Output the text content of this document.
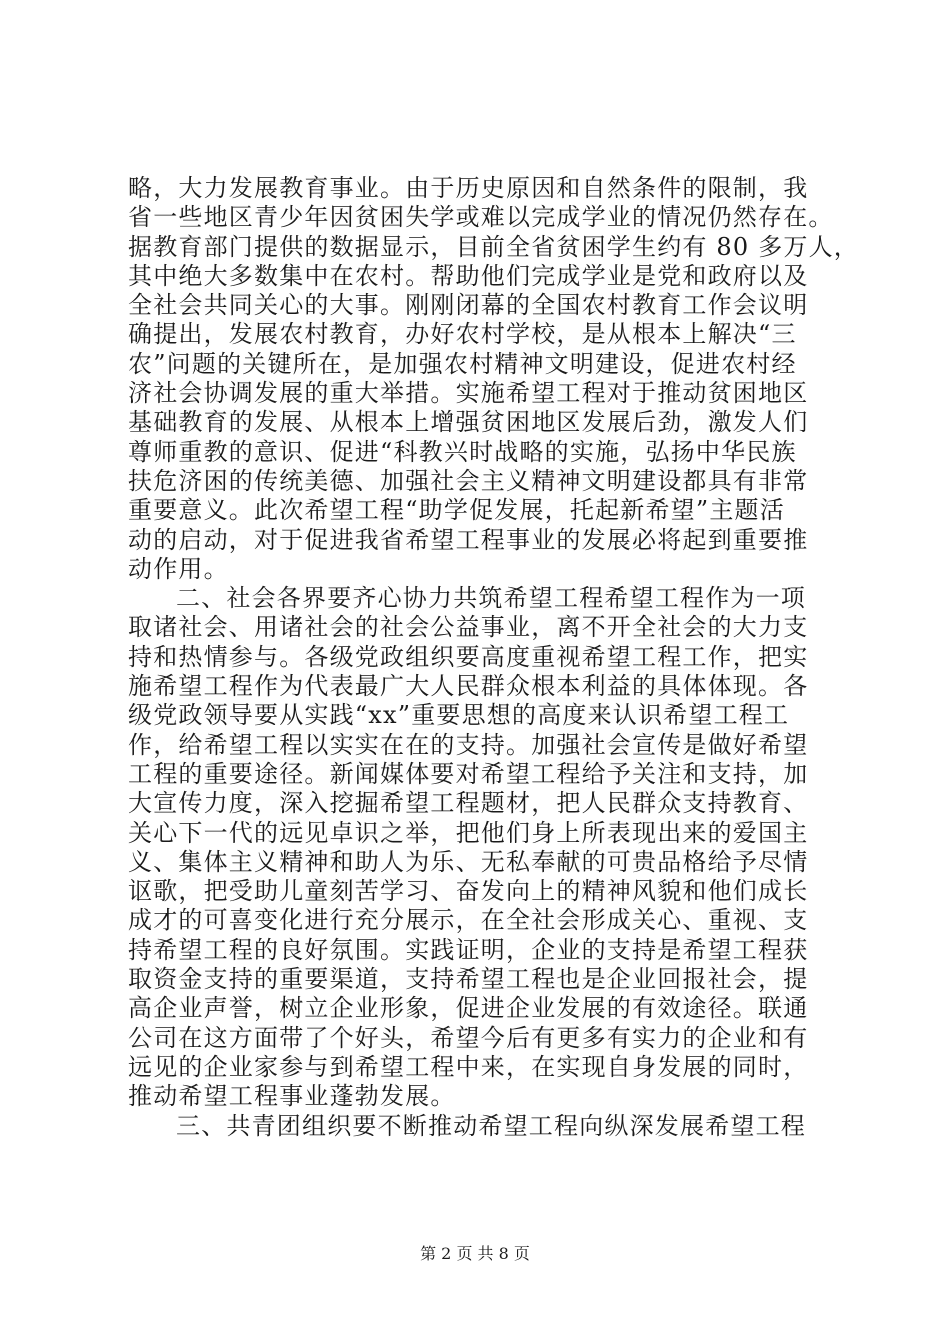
略，大力发展教育事业。由于历史原因和自然条件的限制，我
省一些地区青少年因贫困失学或难以完成学业的情况仍然存在。
据教育部门提供的数据显示，目前全省贫困学生约有 80 多万人，
其中绝大多数集中在农村。帮助他们完成学业是党和政府以及
全社会共同关心的大事。刚刚闭幕的全国农村教育工作会议明
确提出，发展农村教育，办好农村学校，是从根本上解决“三
农”问题的关键所在，是加强农村精神文明建设，促进农村经
济社会协调发展的重大举措。实施希望工程对于推动贫困地区
基础教育的发展、从根本上增强贫困地区发展后劲，激发人们
尊师重教的意识、促进“科教兴时战略的实施，弘扬中华民族
扶危济困的传统美德、加强社会主义精神文明建设都具有非常
重要意义。此次希望工程“助学促发展，托起新希望”主题活
动的启动，对于促进我省希望工程事业的发展必将起到重要推
动作用。
二、社会各界要齐心协力共筑希望工程希望工程作为一项
取诸社会、用诸社会的社会公益事业，离不开全社会的大力支
持和热情参与。各级党政组织要高度重视希望工程工作，把实
施希望工程作为代表最广大人民群众根本利益的具体体现。各
级党政领导要从实践“xx”重要思想的高度来认识希望工程工
作，给希望工程以实实在在的支持。加强社会宣传是做好希望
工程的重要途径。新闻媒体要对希望工程给予关注和支持，加
大宣传力度，深入挖掘希望工程题材，把人民群众支持教育、
关心下一代的远见卓识之举，把他们身上所表现出来的爱国主
义、集体主义精神和助人为乐、无私奉献的可贵品格给予尽情
讴歌，把受助儿童刻苦学习、奋发向上的精神风貌和他们成长
成才的可喜变化进行充分展示，在全社会形成关心、重视、支
持希望工程的良好氛围。实践证明，企业的支持是希望工程获
取资金支持的重要渠道，支持希望工程也是企业回报社会，提
高企业声誉，树立企业形象，促进企业发展的有效途径。联通
公司在这方面带了个好头，希望今后有更多有实力的企业和有
远见的企业家参与到希望工程中来，在实现自身发展的同时，
推动希望工程事业蓬勃发展。
三、共青团组织要不断推动希望工程向纵深发展希望工程
第 2 页 共 8 页
